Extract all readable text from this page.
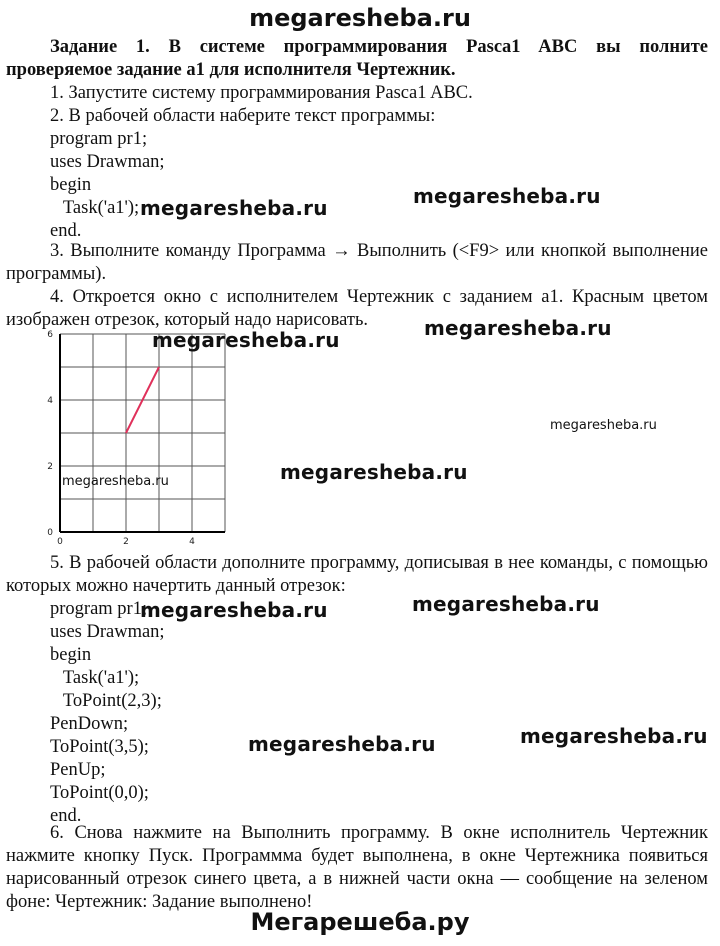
megaresheba.ru
Мегарешеба.ру
Задание 1. В системе программирования Pasca1 ABC вы полните
проверяемое задание a1 для исполнителя Чертежник.
1. Запустите систему программирования Pasca1 ABC.
2. В рабочей области наберите текст программы:
program pr1;
uses Drawman;
begin
Task('a1');
end.
3. Выполните команду Программа → Выполнить (<F9> или кнопкой выполнение программы).
4. Откроется окно с исполнителем Чертежник с заданием a1. Красным цветом изображен отрезок, который надо нарисовать.
0	2	4
0
2
4
6
5. В рабочей области дополните программу, дописывая в нее команды, с помощью которых можно начертить данный отрезок:
program pr1;
uses Drawman;
begin
Task('a1');
ToPoint(2,3);
PenDown;
ToPoint(3,5);
PenUp;
ToPoint(0,0);
end.
6. Снова нажмите на Выполнить программу. В окне исполнитель Чертежник нажмите кнопку Пуск. Программма будет выполнена, в окне Чертежника появиться нарисованный отрезок синего цвета, а в нижней части окна — сообщение на зеленом фоне: Чертежник: Задание выполнено!
megaresheba.ru	megaresheba.ru
megaresheba.ru
megaresheba.ru
megaresheba.ru
megaresheba.ru
megaresheba.ru
megaresheba.ru	megaresheba.ru
megaresheba.ru
megaresheba.ru
